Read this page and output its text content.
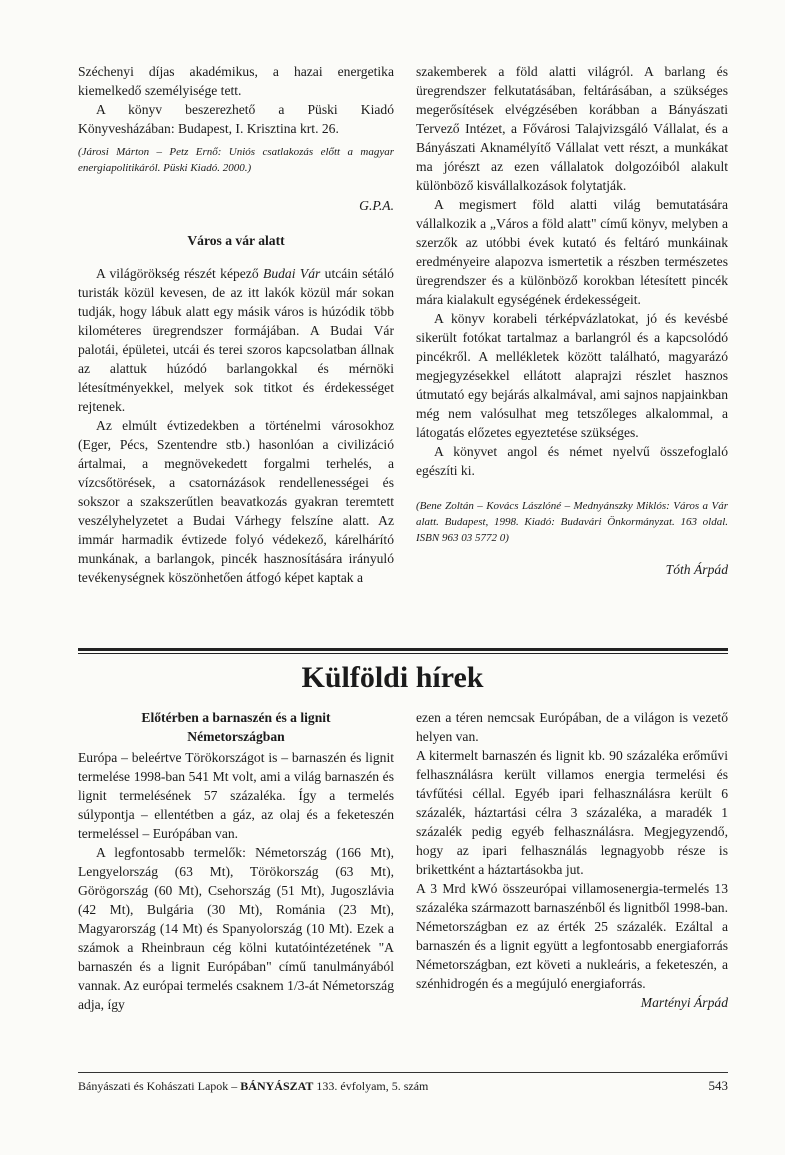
Széchenyi díjas akadémikus, a hazai energetika kiemelkedő személyisége tett.

A könyv beszerezhető a Püski Kiadó Könyvesházában: Budapest, I. Krisztina krt. 26.

(Járosi Márton – Petz Ernő: Uniós csatlakozás előtt a magyar energiapolitikáról. Püski Kiadó. 2000.)

G.P.A.

Város a vár alatt

A világörökség részét képező Budai Vár utcáin sétáló turisták közül kevesen, de az itt lakók közül már sokan tudják, hogy lábuk alatt egy másik város is húzódik több kilométeres üregrendszer formájában. A Budai Vár palotái, épületei, utcái és terei szoros kapcsolatban állnak az alattuk húzódó barlangokkal és mérnöki létesítményekkel, melyek sok titkot és érdekességet rejtenek.

Az elmúlt évtizedekben a történelmi városokhoz (Eger, Pécs, Szentendre stb.) hasonlóan a civilizáció ártalmai, a megnövekedett forgalmi terhelés, a vízcsőtörések, a csatornázások rendellenességei és sokszor a szakszerűtlen beavatkozás gyakran teremtett veszélyhelyzetet a Budai Várhegy felszíne alatt. Az immár harmadik évtizede folyó védekező, kárelhárító munkának, a barlangok, pincék hasznosítására irányuló tevékenységnek köszönhetően átfogó képet kaptak a

szakemberek a föld alatti világról. A barlang és üregrendszer felkutatásában, feltárásában, a szükséges megerősítések elvégzésében korábban a Bányászati Tervező Intézet, a Fővárosi Talajvizsgáló Vállalat, és a Bányászati Aknamélyítő Vállalat vett részt, a munkákat ma jórészt az ezen vállalatok dolgozóiból alakult különböző kisvállalkozások folytatják.

A megismert föld alatti világ bemutatására vállalkozik a „Város a föld alatt" című könyv, melyben a szerzők az utóbbi évek kutató és feltáró munkáinak eredményeire alapozva ismertetik a részben természetes üregrendszer és a különböző korokban létesített pincék mára kialakult egységének érdekességeit.

A könyv korabeli térképvázlatokat, jó és kevésbé sikerült fotókat tartalmaz a barlangról és a kapcsolódó pincékről. A mellékletek között található, magyarázó megjegyzésekkel ellátott alaprajzi részlet hasznos útmutató egy bejárás alkalmával, ami sajnos napjainkban még nem valósulhat meg tetszőleges alkalommal, a látogatás előzetes egyeztetése szükséges.

A könyvet angol és német nyelvű összefoglaló egészíti ki.

(Bene Zoltán – Kovács Lászlóné – Mednyánszky Miklós: Város a Vár alatt. Budapest, 1998. Kiadó: Budavári Önkormányzat. 163 oldal. ISBN 963 03 5772 0)

Tóth Árpád

Külföldi hírek

Előtérben a barnaszén és a lignit
Németországban

Európa – beleértve Törökországot is – barnaszén és lignit termelése 1998-ban 541 Mt volt, ami a világ barnaszén és lignit termelésének 57 százaléka. Így a termelés súlypontja – ellentétben a gáz, az olaj és a feketeszén termeléssel – Európában van.

A legfontosabb termelők: Németország (166 Mt), Lengyelország (63 Mt), Törökország (63 Mt), Görögország (60 Mt), Csehország (51 Mt), Jugoszlávia (42 Mt), Bulgária (30 Mt), Románia (23 Mt), Magyarország (14 Mt) és Spanyolország (10 Mt). Ezek a számok a Rheinbraun cég kölni kutatóintézetének "A barnaszén és a lignit Európában" című tanulmányából vannak. Az európai termelés csaknem 1/3-át Németország adja, így

ezen a téren nemcsak Európában, de a világon is vezető helyen van.

A kitermelt barnaszén és lignit kb. 90 százaléka erőművi felhasználásra került villamos energia termelési és távfűtési céllal. Egyéb ipari felhasználásra került 6 százalék, háztartási célra 3 százaléka, a maradék 1 százalék pedig egyéb felhasználásra. Megjegyzendő, hogy az ipari felhasználás legnagyobb része is brikettként a háztartásokba jut.

A 3 Mrd kWó összeurópai villamosenergia-termelés 13 százaléka származott barnaszénből és lignitből 1998-ban. Németországban ez az érték 25 százalék. Ezáltal a barnaszén és a lignit együtt a legfontosabb energiaforrás Németországban, ezt követi a nukleáris, a feketeszén, a szénhidrogén és a megújuló energiaforrás.

Martényi Árpád

Bányászati és Kohászati Lapok – BÁNYÁSZAT 133. évfolyam, 5. szám	543
